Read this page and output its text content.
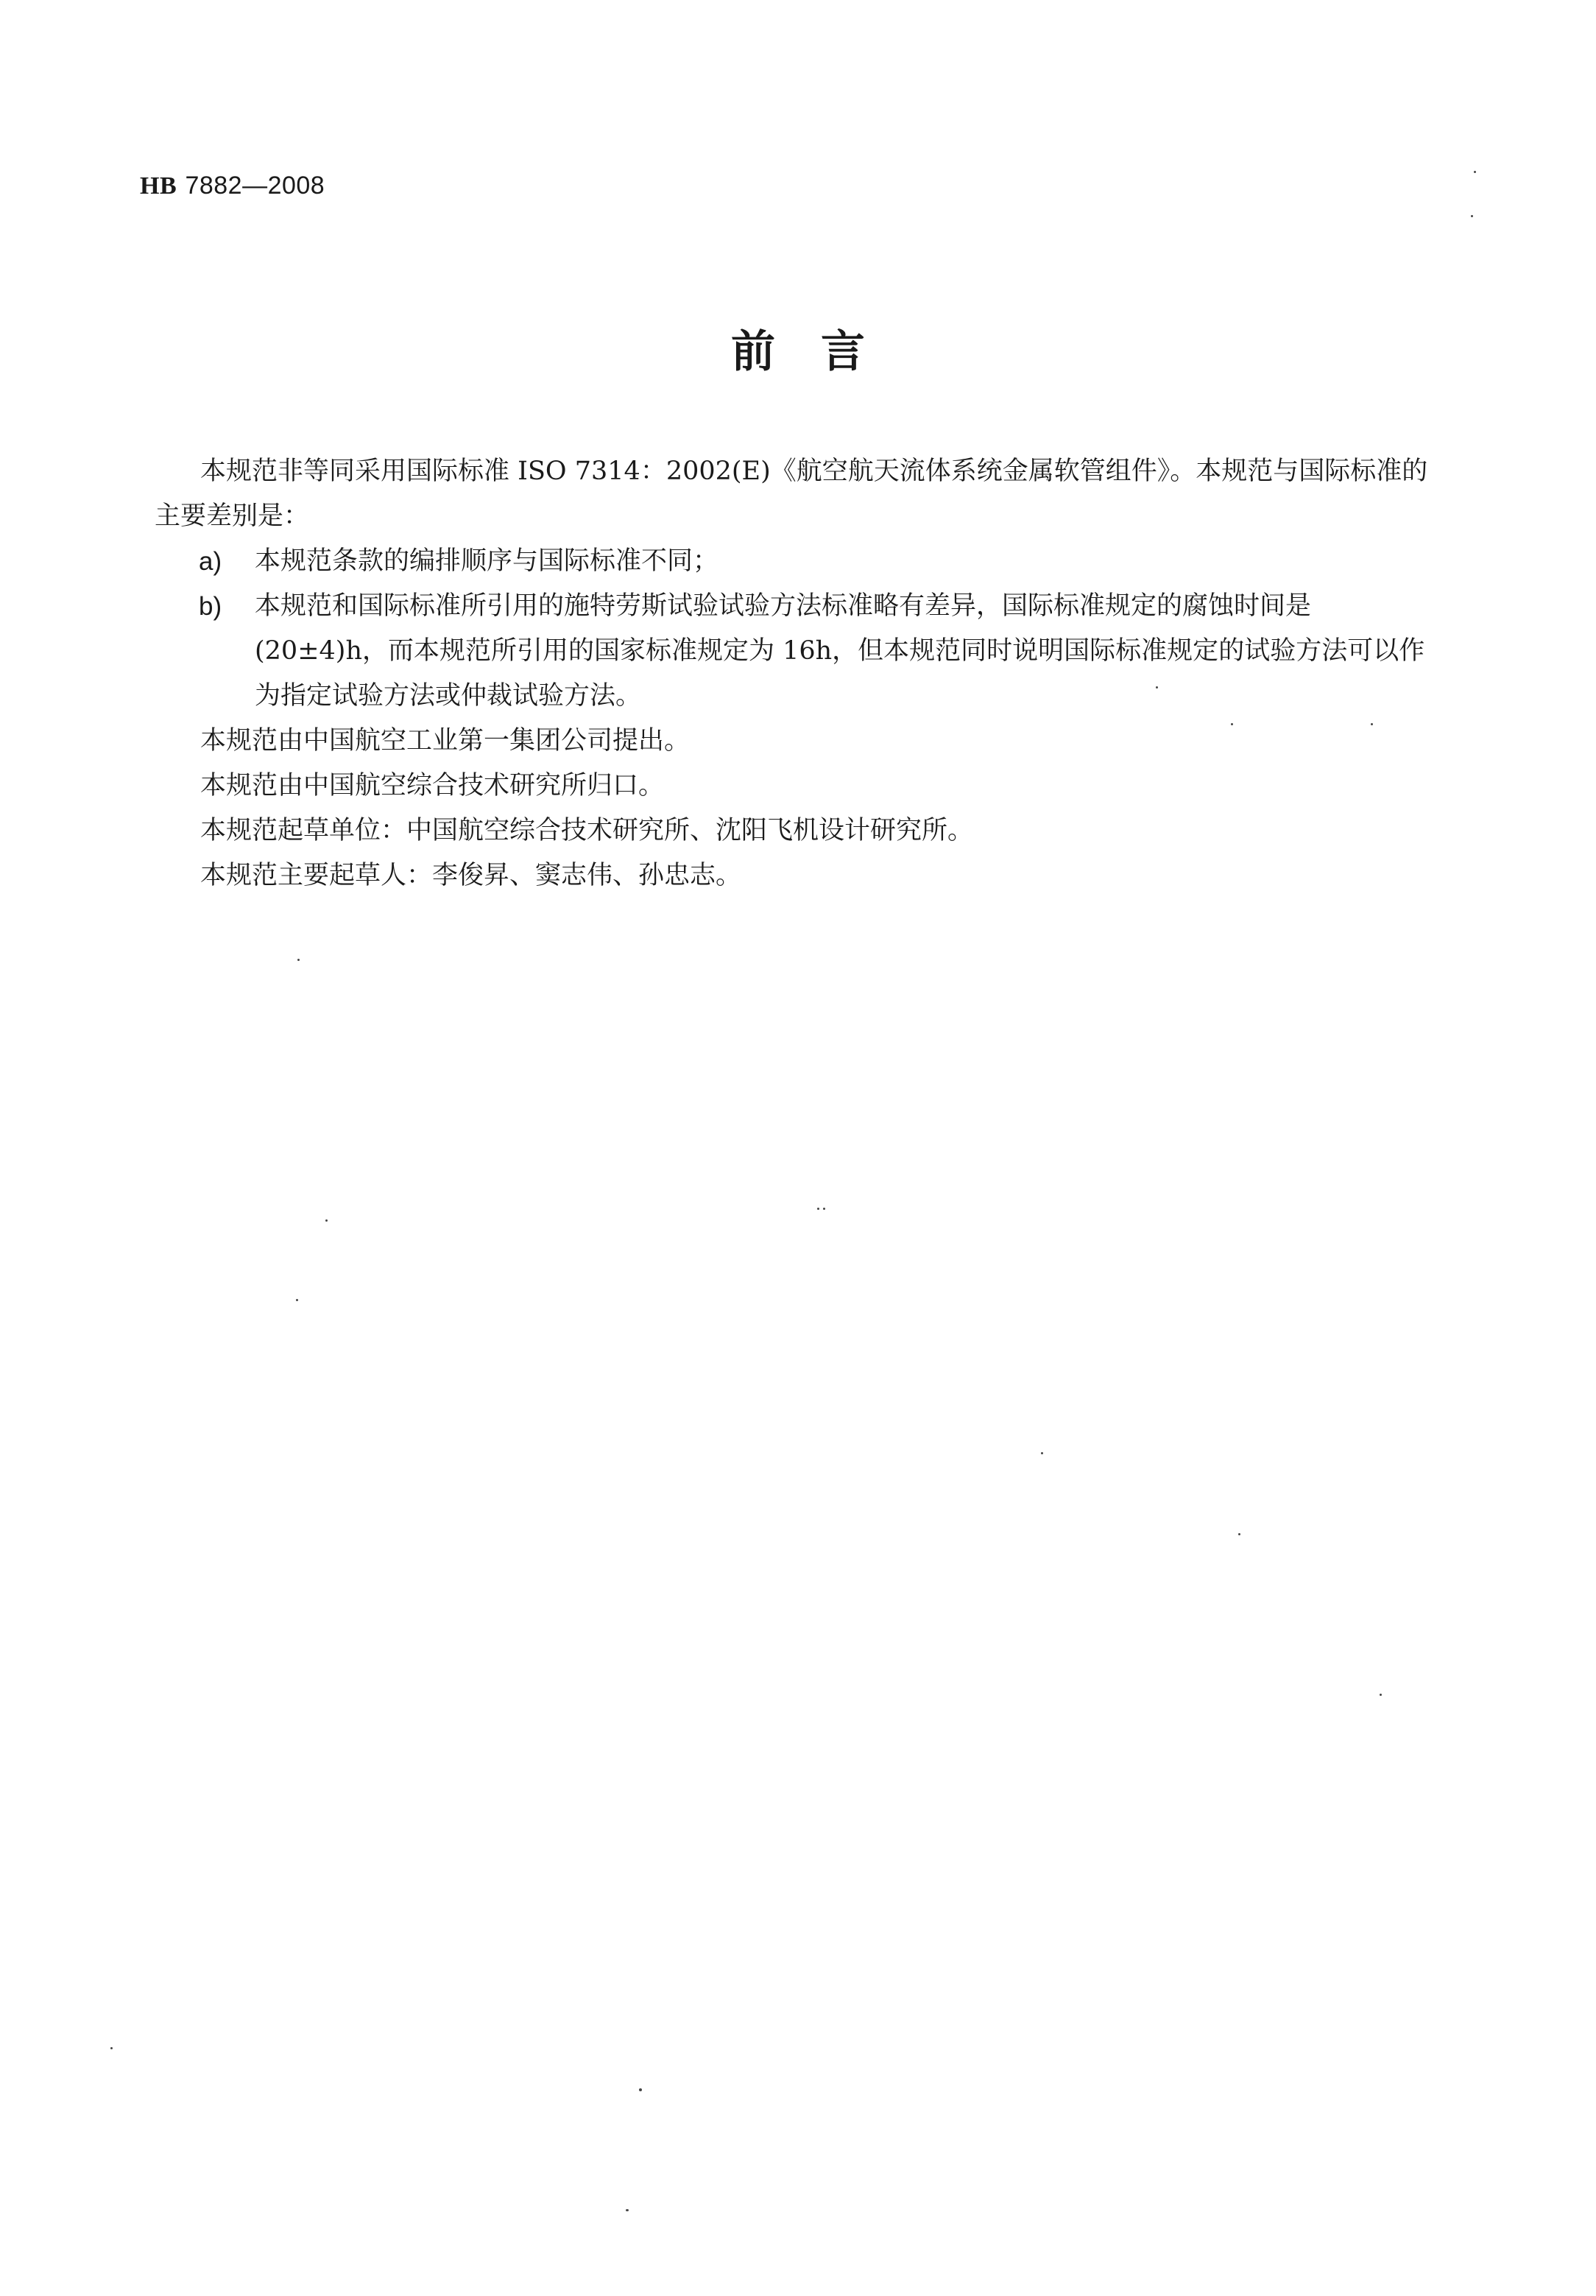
HB 7882—2008
前言

本规范非等同采用国际标准 ISO 7314：2002(E)《航空航天流体系统金属软管组件》。本规范与国际标准的主要差别是：

a) 本规范条款的编排顺序与国际标准不同；
b) 本规范和国际标准所引用的施特劳斯试验试验方法标准略有差异，国际标准规定的腐蚀时间是(20±4)h，而本规范所引用的国家标准规定为 16h，但本规范同时说明国际标准规定的试验方法可以作为指定试验方法或仲裁试验方法。

本规范由中国航空工业第一集团公司提出。

本规范由中国航空综合技术研究所归口。

本规范起草单位：中国航空综合技术研究所、沈阳飞机设计研究所。

本规范主要起草人：李俊昇、窦志伟、孙忠志。
